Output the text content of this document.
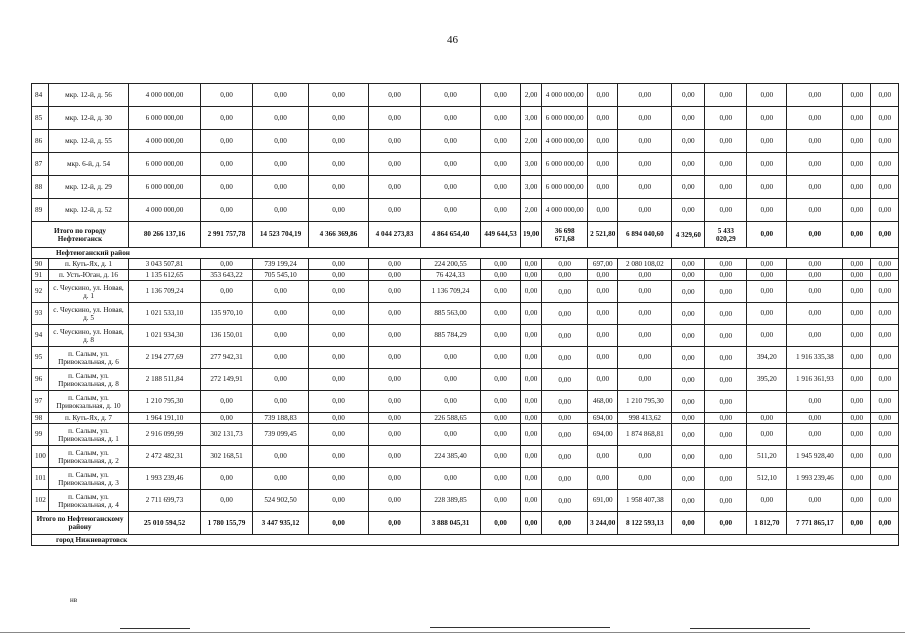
46
84	мкр. 12-й, д. 56	4 000 000,00	0,00	0,00	0,00	0,00	0,00	0,00	2,00	4 000 000,00	0,00	0,00	0,00	0,00	0,00	0,00	0,00	0,00
85	мкр. 12-й, д. 30	6 000 000,00	0,00	0,00	0,00	0,00	0,00	0,00	3,00	6 000 000,00	0,00	0,00	0,00	0,00	0,00	0,00	0,00	0,00
86	мкр. 12-й, д. 55	4 000 000,00	0,00	0,00	0,00	0,00	0,00	0,00	2,00	4 000 000,00	0,00	0,00	0,00	0,00	0,00	0,00	0,00	0,00
87	мкр. 6-й, д. 54	6 000 000,00	0,00	0,00	0,00	0,00	0,00	0,00	3,00	6 000 000,00	0,00	0,00	0,00	0,00	0,00	0,00	0,00	0,00
88	мкр. 12-й, д. 29	6 000 000,00	0,00	0,00	0,00	0,00	0,00	0,00	3,00	6 000 000,00	0,00	0,00	0,00	0,00	0,00	0,00	0,00	0,00
89	мкр. 12-й, д. 52	4 000 000,00	0,00	0,00	0,00	0,00	0,00	0,00	2,00	4 000 000,00	0,00	0,00	0,00	0,00	0,00	0,00	0,00	0,00
Итого по городу Нефтеюганск		80 266 137,16	2 991 757,78	14 523 704,19	4 366 369,86	4 044 273,83	4 864 654,40	449 644,53	19,00	36 698 671,68	2 521,80	6 894 040,60	4 329,60	5 433 020,29	0,00	0,00	0,00	0,00
Нефтеюганский район																		
90	п. Куть-Ях, д. 1	3 043 507,81	0,00	739 199,24	0,00	0,00	224 200,55	0,00	0,00	0,00	697,00	2 080 108,02	0,00	0,00	0,00	0,00	0,00	0,00
91	п. Усть-Юган, д. 16	1 135 612,65	353 643,22	705 545,10	0,00	0,00	76 424,33	0,00	0,00	0,00	0,00	0,00	0,00	0,00	0,00	0,00	0,00	0,00
92	с. Чеускино, ул. Новая, д. 1	1 136 709,24	0,00	0,00	0,00	0,00	1 136 709,24	0,00	0,00	0,00	0,00	0,00	0,00	0,00	0,00	0,00	0,00	0,00
93	с. Чеускино, ул. Новая, д. 5	1 021 533,10	135 970,10	0,00	0,00	0,00	885 563,00	0,00	0,00	0,00	0,00	0,00	0,00	0,00	0,00	0,00	0,00	0,00
94	с. Чеускино, ул. Новая, д. 8	1 021 934,30	136 150,01	0,00	0,00	0,00	885 784,29	0,00	0,00	0,00	0,00	0,00	0,00	0,00	0,00	0,00	0,00	0,00
95	п. Салым, ул. Привокзальная, д. 6	2 194 277,69	277 942,31	0,00	0,00	0,00	0,00	0,00	0,00	0,00	0,00	0,00	0,00	0,00	394,20	1 916 335,38	0,00	0,00
96	п. Салым, ул. Привокзальная, д. 8	2 188 511,84	272 149,91	0,00	0,00	0,00	0,00	0,00	0,00	0,00	0,00	0,00	0,00	0,00	395,20	1 916 361,93	0,00	0,00
97	п. Салым, ул. Привокзальная, д. 10	1 210 795,30	0,00	0,00	0,00	0,00	0,00	0,00	0,00	0,00	468,00	1 210 795,30	0,00	0,00		0,00	0,00	0,00
98	п. Куть-Ях, д. 7	1 964 191,10	0,00	739 188,83	0,00	0,00	226 588,65	0,00	0,00	0,00	694,00	998 413,62	0,00	0,00	0,00	0,00	0,00	0,00
99	п. Салым, ул. Привокзальная, д. 1	2 916 099,99	302 131,73	739 099,45	0,00	0,00	0,00	0,00	0,00	0,00	694,00	1 874 868,81	0,00	0,00	0,00	0,00	0,00	0,00
100	п. Салым, ул. Привокзальная, д. 2	2 472 482,31	302 168,51	0,00	0,00	0,00	224 385,40	0,00	0,00	0,00	0,00	0,00	0,00	0,00	511,20	1 945 928,40	0,00	0,00
101	п. Салым, ул. Привокзальная, д. 3	1 993 239,46	0,00	0,00	0,00	0,00	0,00	0,00	0,00	0,00	0,00	0,00	0,00	0,00	512,10	1 993 239,46	0,00	0,00
102	п. Салым, ул. Привокзальная, д. 4	2 711 699,73	0,00	524 902,50	0,00	0,00	228 389,85	0,00	0,00	0,00	691,00	1 958 407,38	0,00	0,00	0,00	0,00	0,00	0,00
Итого по Нефтеюганскому району		25 010 594,52	1 780 155,79	3 447 935,12	0,00	0,00	3 888 045,31	0,00	0,00	0,00	3 244,00	8 122 593,13	0,00	0,00	1 812,70	7 771 865,17	0,00	0,00
город Нижневартовск																		
нв
